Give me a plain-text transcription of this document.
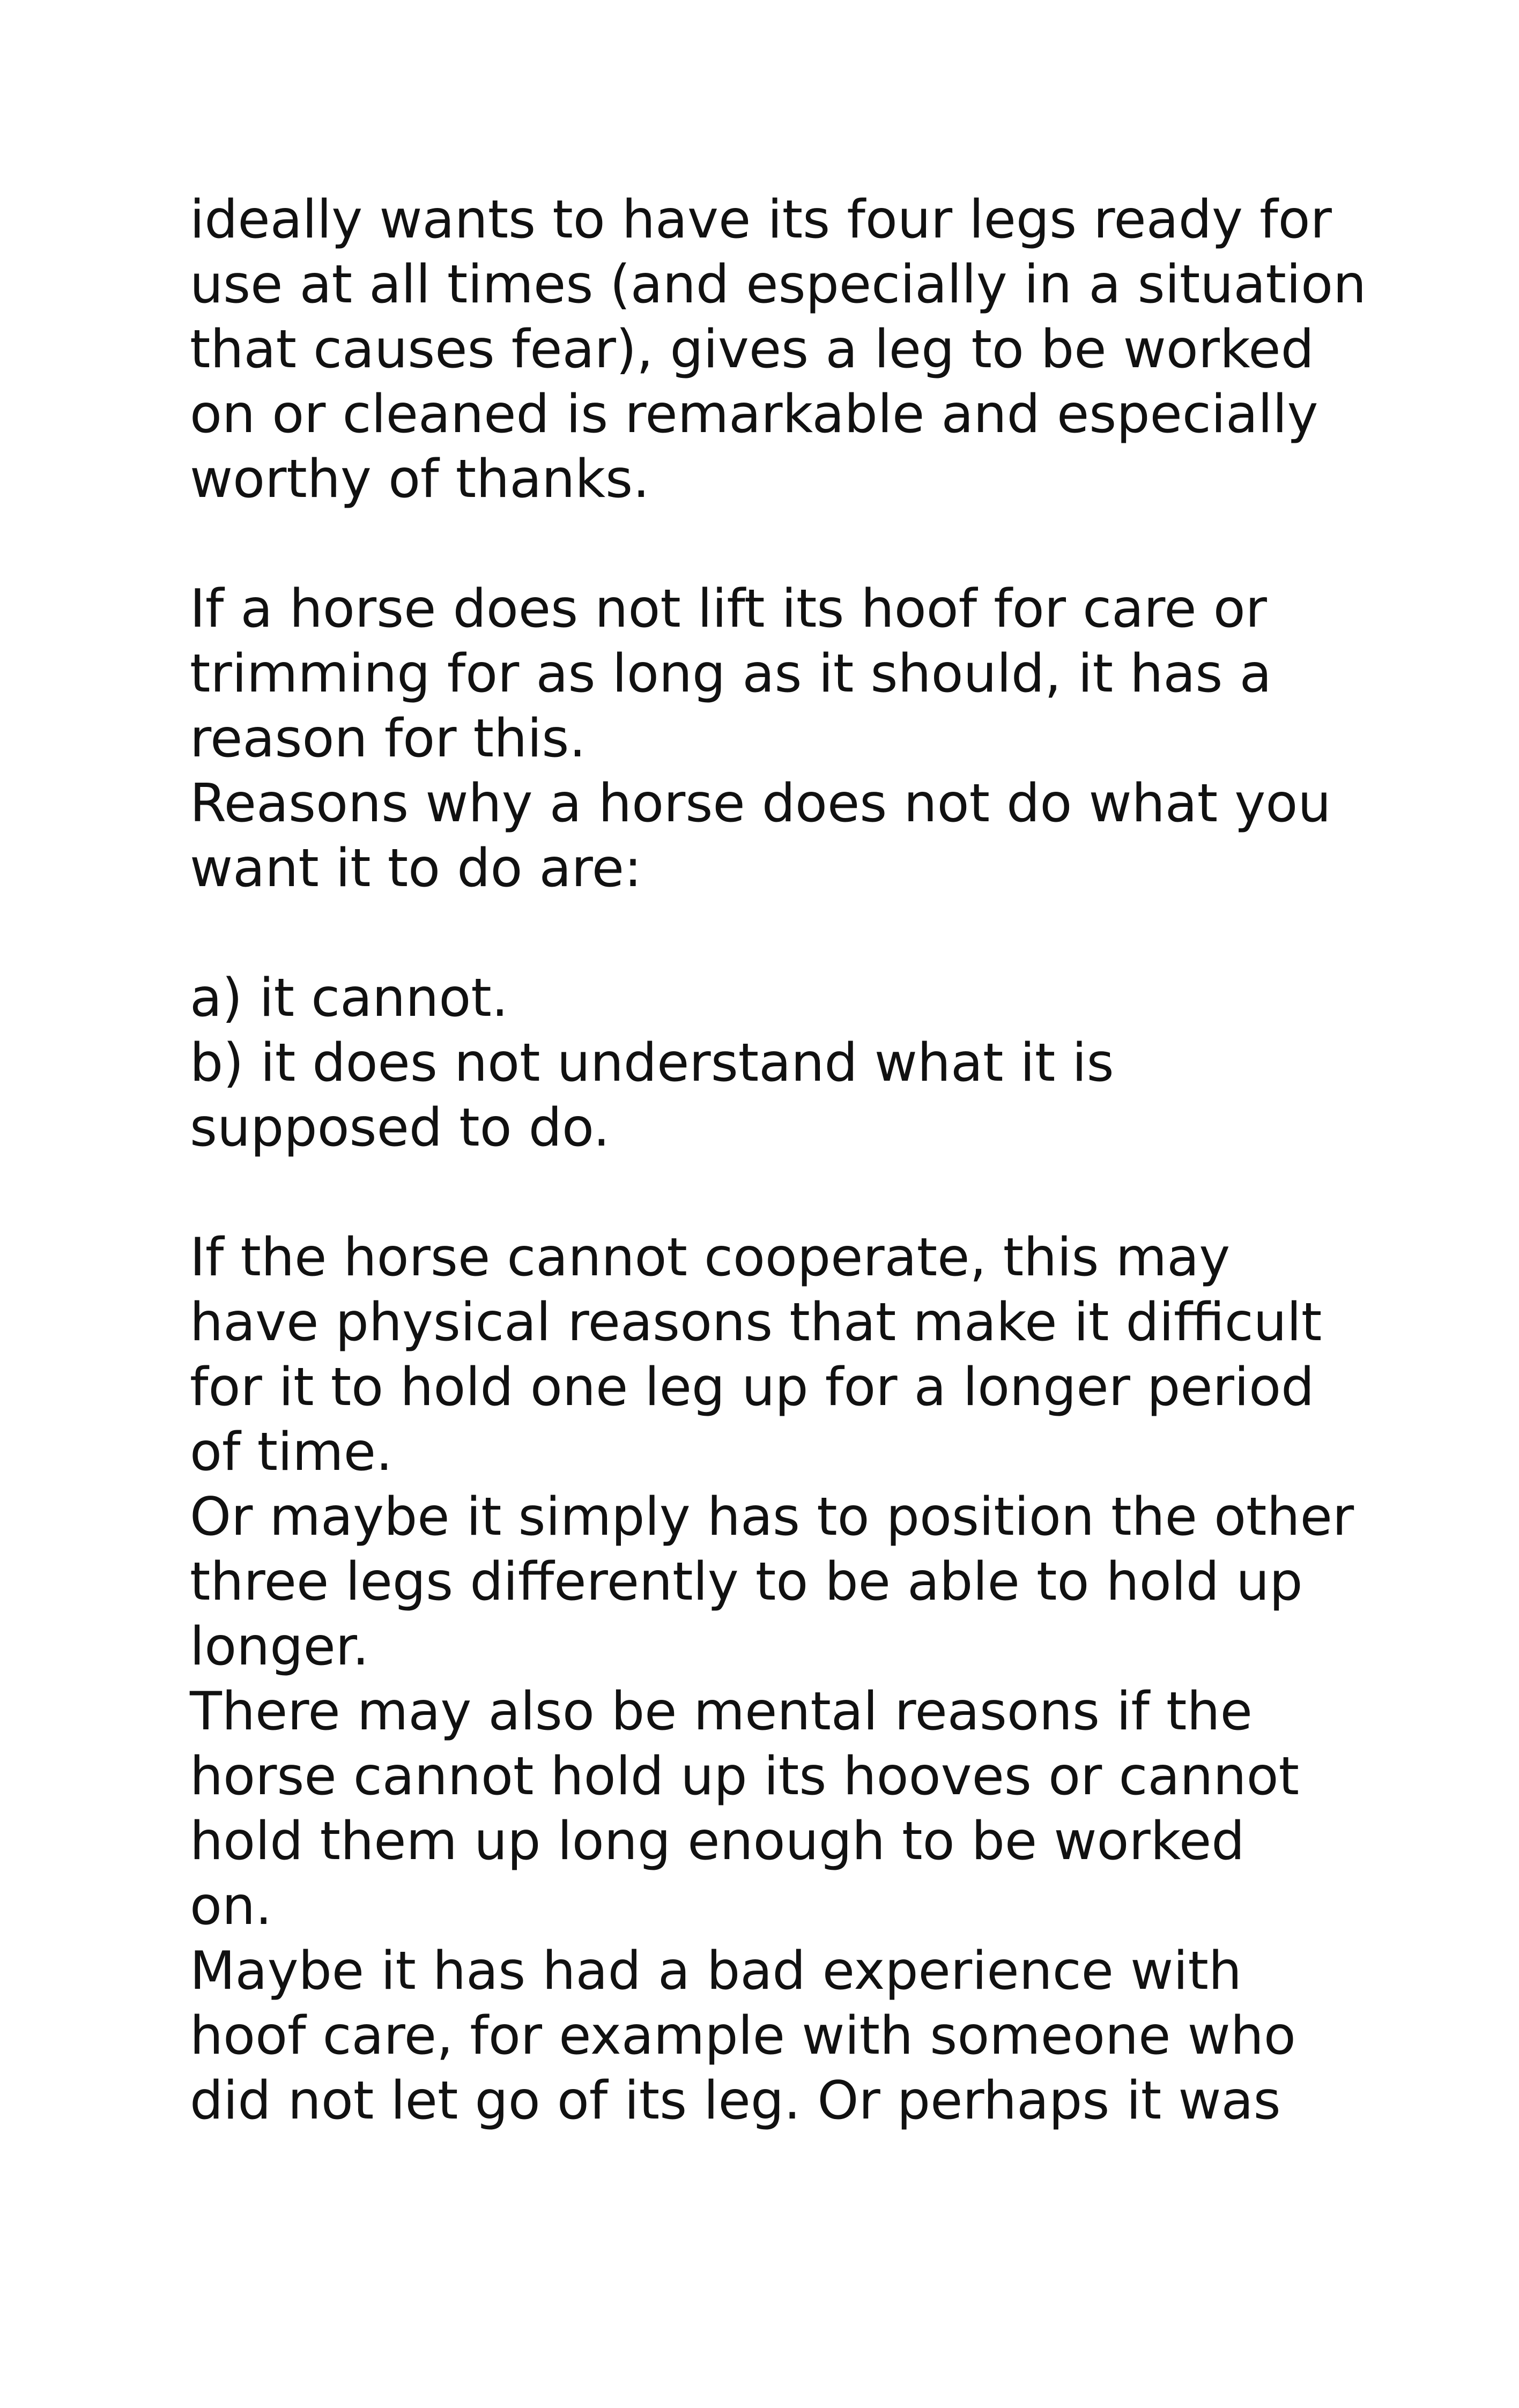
ideally wants to have its four legs ready for
use at all times (and especially in a situation
that causes fear), gives a leg to be worked
on or cleaned is remarkable and especially
worthy of thanks.
If a horse does not lift its hoof for care or
trimming for as long as it should, it has a
reason for this.
Reasons why a horse does not do what you
want it to do are:
a) it cannot.
b) it does not understand what it is
supposed to do.
If the horse cannot cooperate, this may
have physical reasons that make it difficult
for it to hold one leg up for a longer period
of time.
Or maybe it simply has to position the other
three legs differently to be able to hold up
longer.
There may also be mental reasons if the
horse cannot hold up its hooves or cannot
hold them up long enough to be worked
on.
Maybe it has had a bad experience with
hoof care, for example with someone who
did not let go of its leg. Or perhaps it was
